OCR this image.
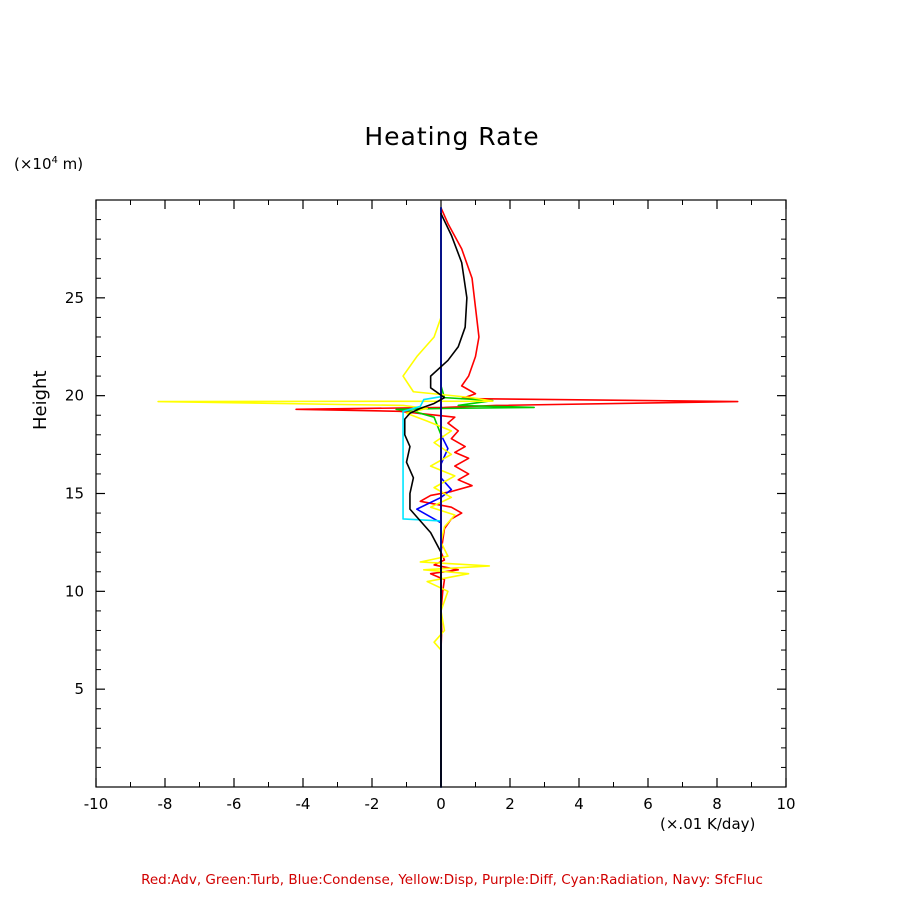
Heating Rate
($\times 10^4$ m)
Height
(×.01 K/day)
-10	-8	-6	-4	-2	0	2	4	6	8	10
5
10
15
20
25
Red:Adv, Green:Turb, Blue:Condense, Yellow:Disp, Purple:Diff, Cyan:Radiation, Navy: SfcFluc
